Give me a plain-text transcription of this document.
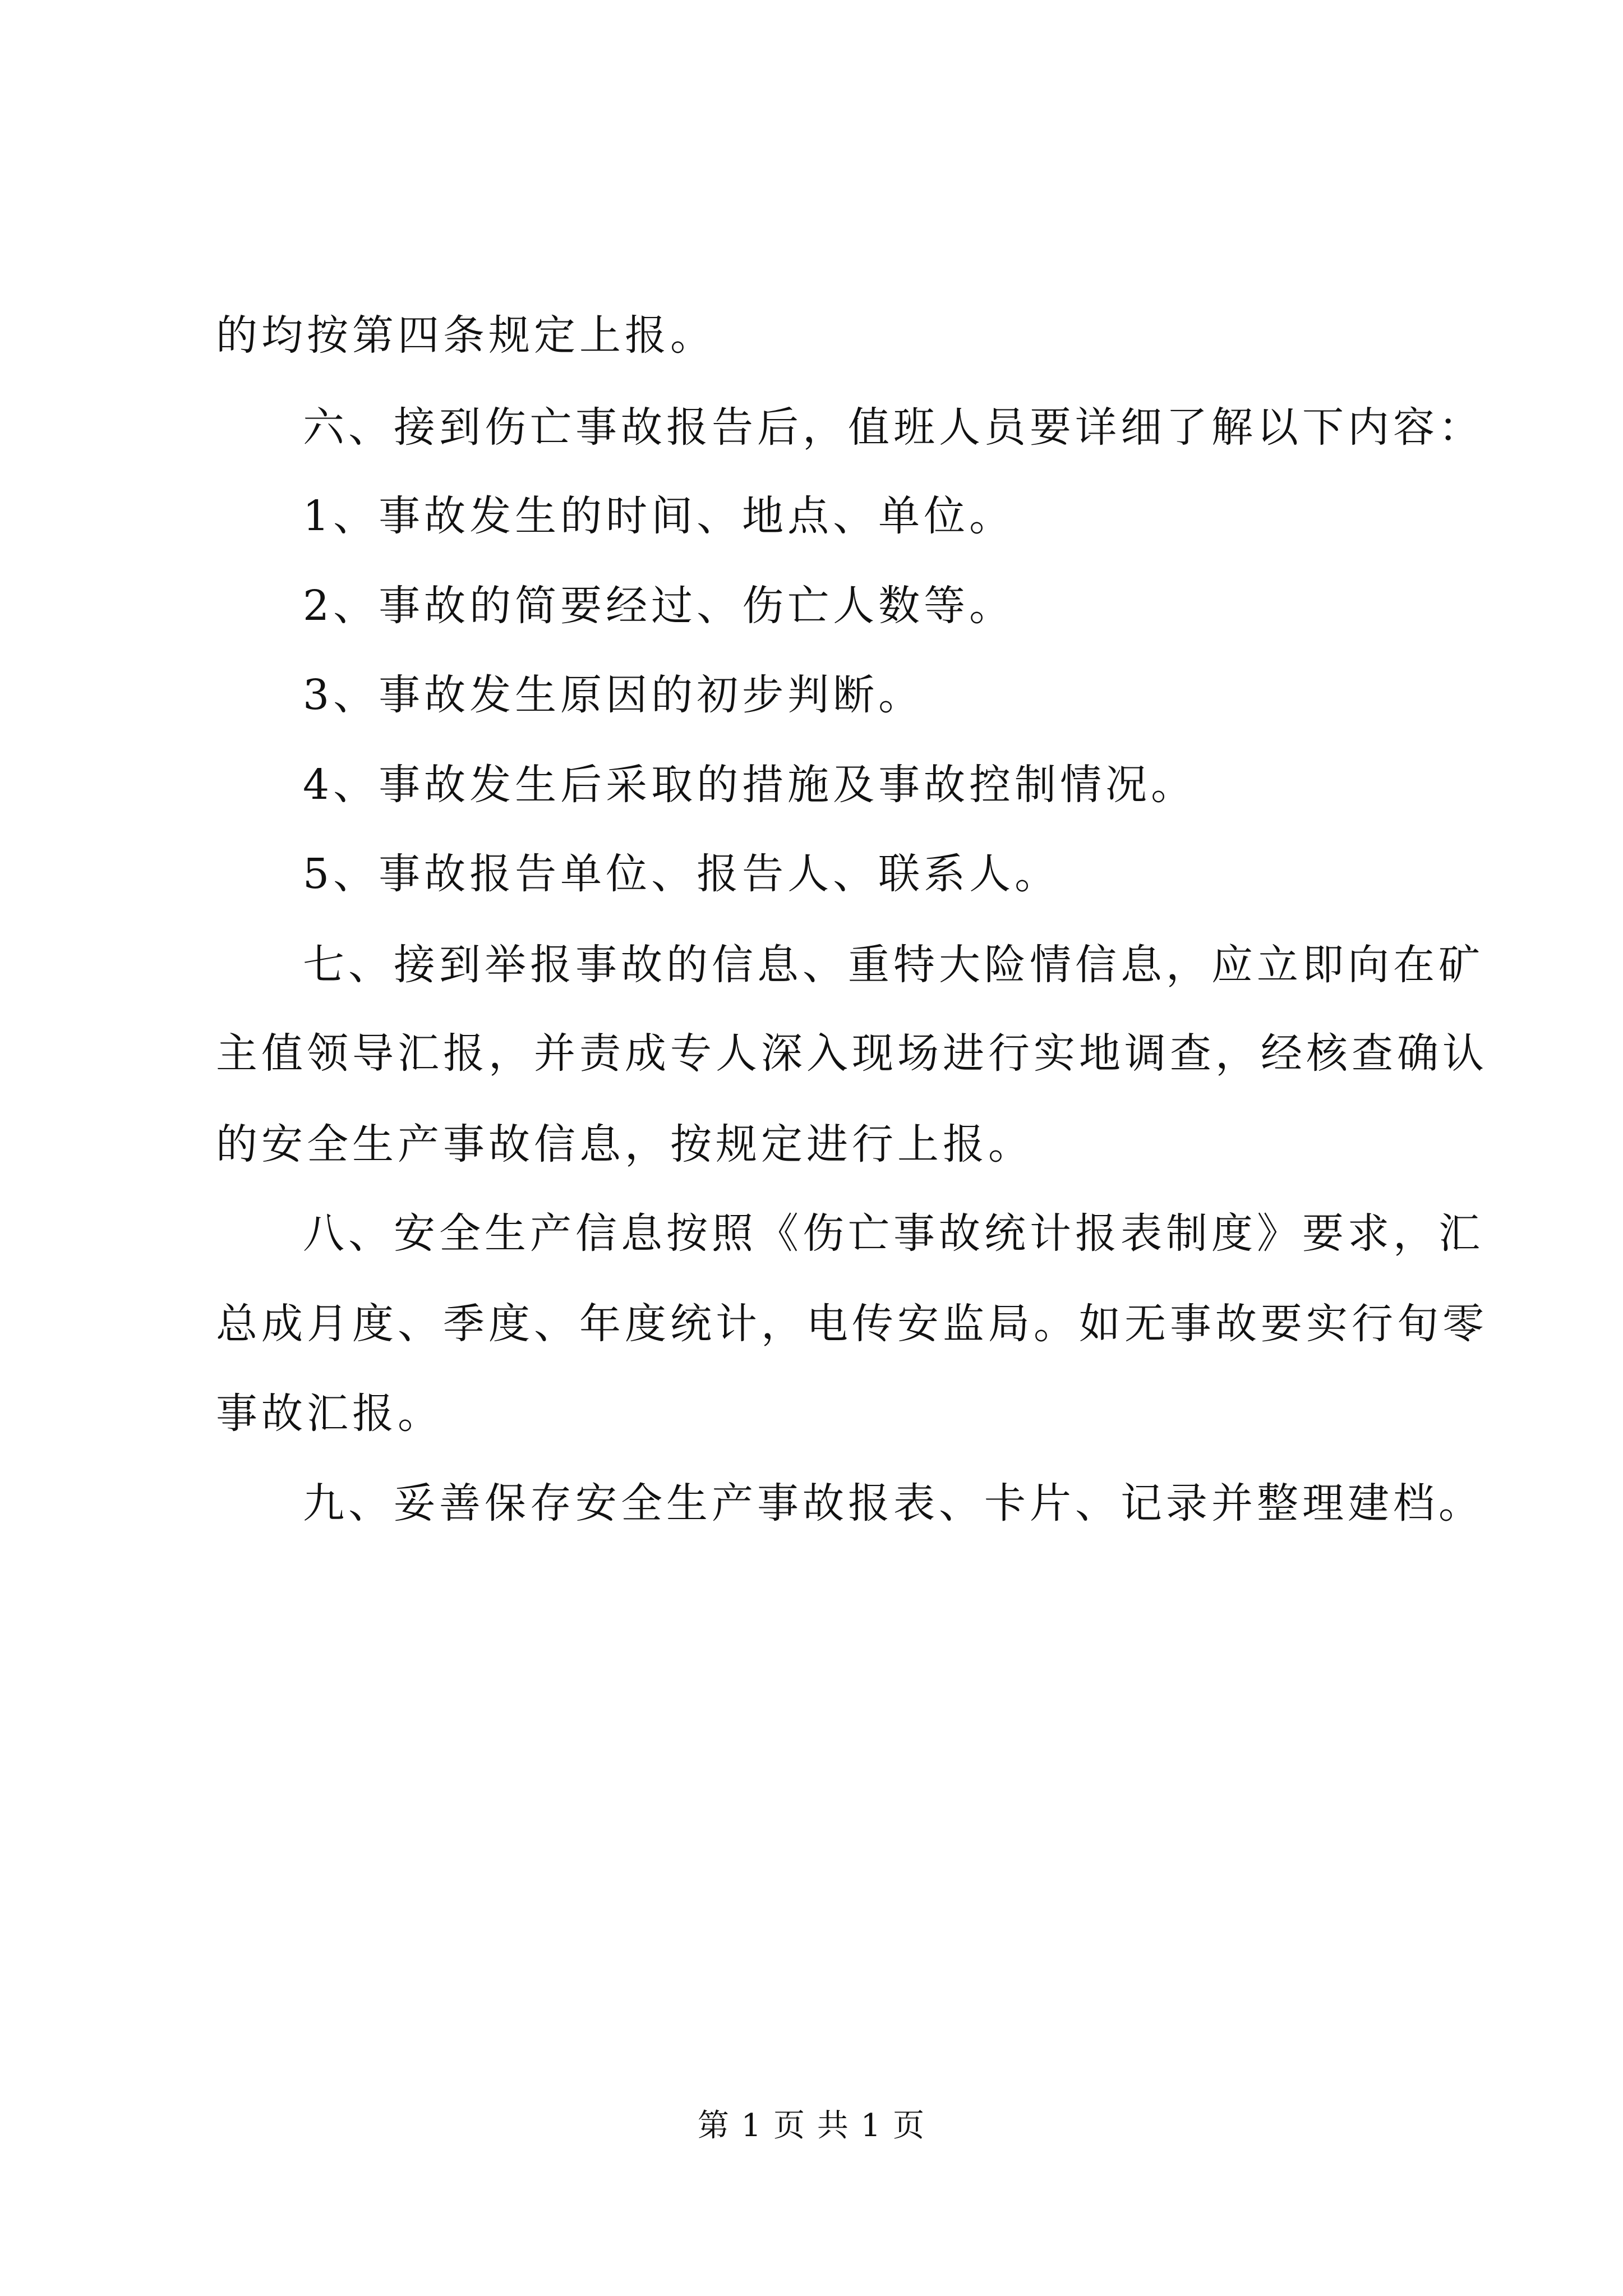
的均按第四条规定上报。
六、接到伤亡事故报告后，值班人员要详细了解以下内容：
1、事故发生的时间、地点、单位。
2、事故的简要经过、伤亡人数等。
3、事故发生原因的初步判断。
4、事故发生后采取的措施及事故控制情况。
5、事故报告单位、报告人、联系人。
七、接到举报事故的信息、重特大险情信息，应立即向在矿
主值领导汇报，并责成专人深入现场进行实地调查，经核查确认
的安全生产事故信息，按规定进行上报。
八、安全生产信息按照《伤亡事故统计报表制度》要求，汇
总成月度、季度、年度统计，电传安监局。如无事故要实行旬零
事故汇报。
九、妥善保存安全生产事故报表、卡片、记录并整理建档。
第 1 页 共 1 页
